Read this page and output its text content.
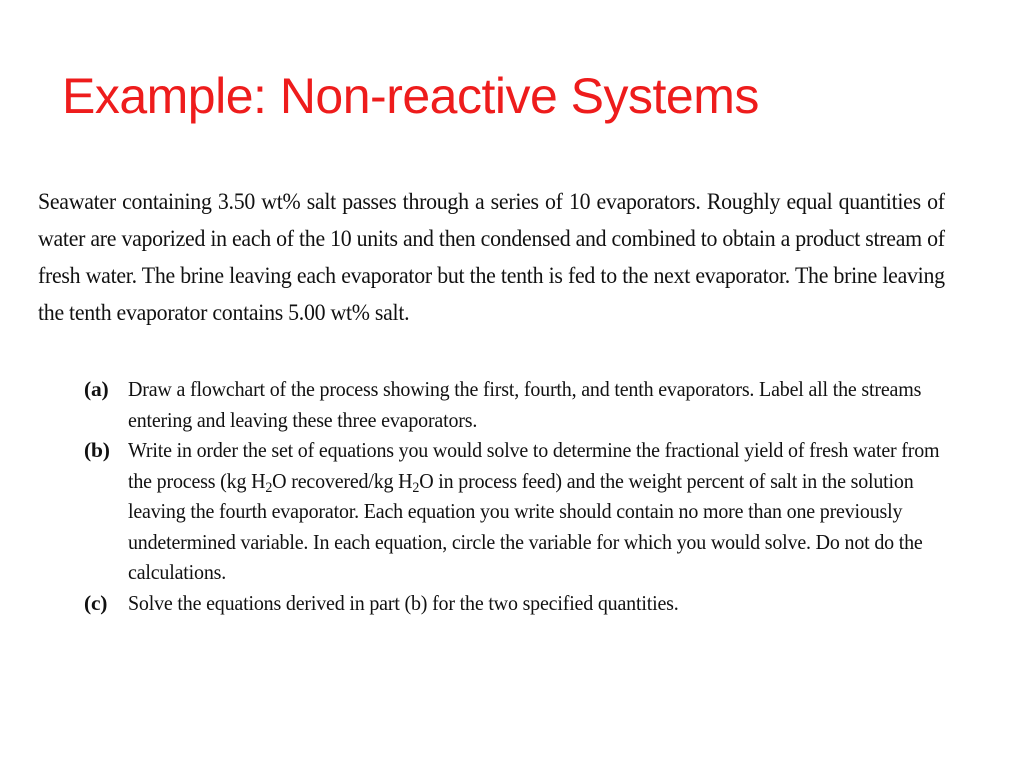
Example: Non-reactive Systems

Seawater containing 3.50 wt% salt passes through a series of 10 evaporators. Roughly equal quantities of water are vaporized in each of the 10 units and then condensed and combined to obtain a product stream of fresh water. The brine leaving each evaporator but the tenth is fed to the next evaporator. The brine leaving the tenth evaporator contains 5.00 wt% salt.

(a) Draw a flowchart of the process showing the first, fourth, and tenth evaporators. Label all the streams entering and leaving these three evaporators.
(b) Write in order the set of equations you would solve to determine the fractional yield of fresh water from the process (kg $H_2O$ recovered/kg $H_2O$ in process feed) and the weight percent of salt in the solution leaving the fourth evaporator. Each equation you write should contain no more than one previously undetermined variable. In each equation, circle the variable for which you would solve. Do not do the calculations.
(c) Solve the equations derived in part (b) for the two specified quantities.
